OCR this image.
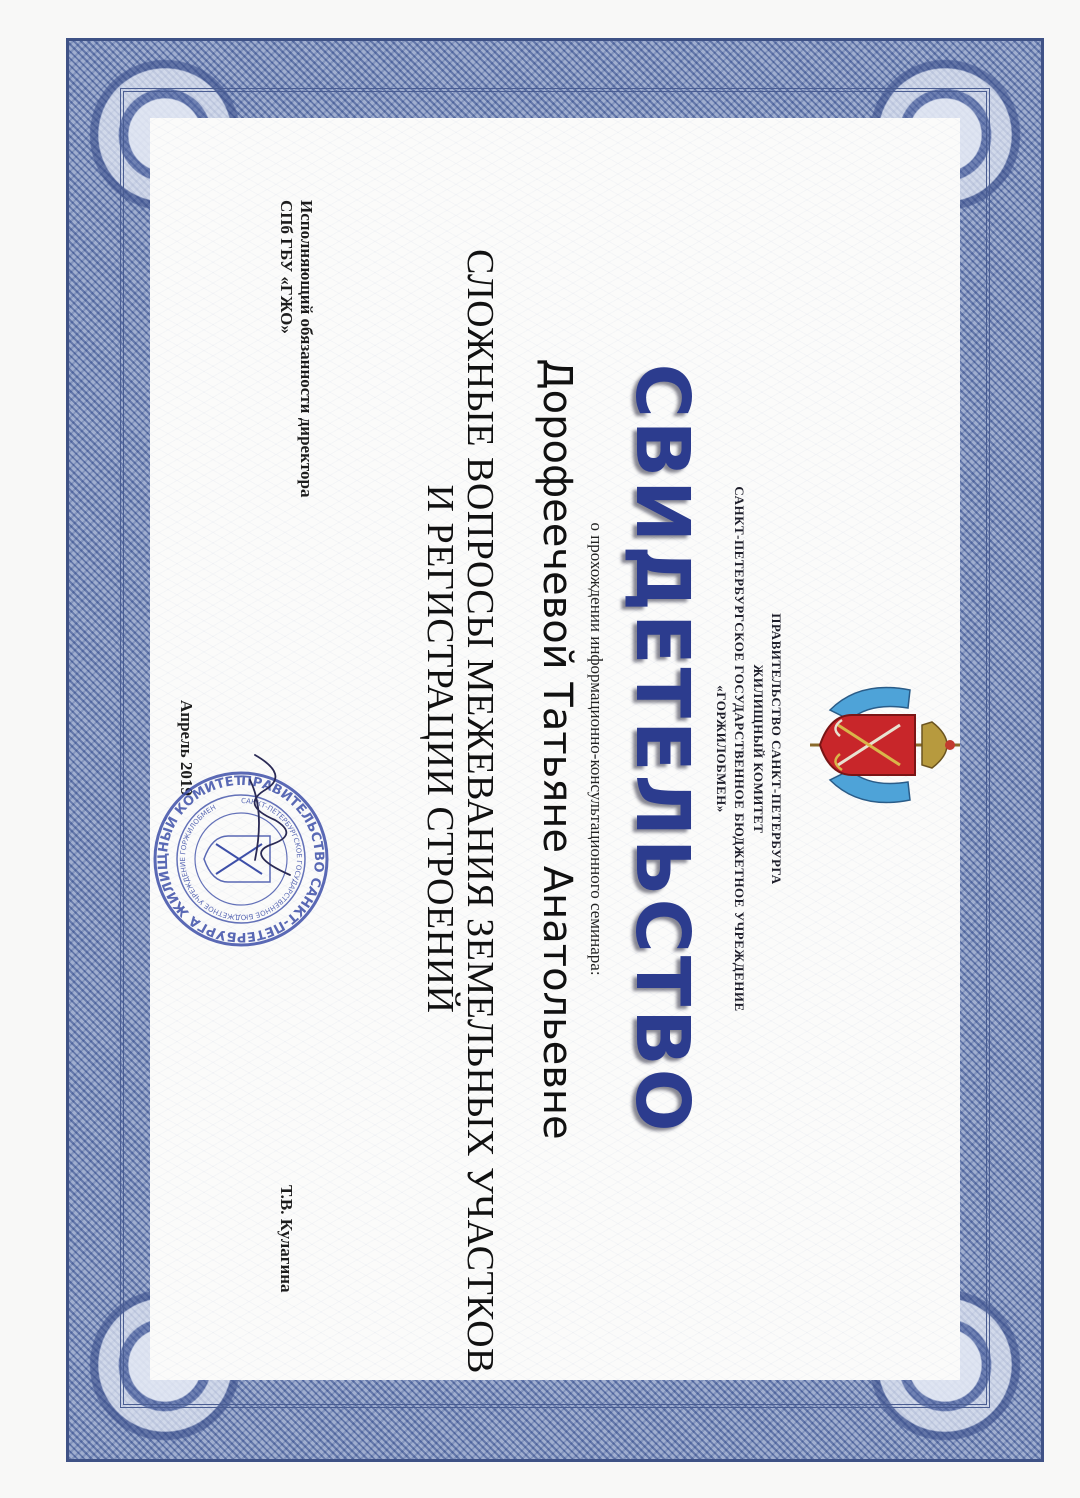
ПРАВИТЕЛЬСТВО САНКТ-ПЕТЕРБУРГА
ЖИЛИЩНЫЙ КОМИТЕТ
САНКТ-ПЕТЕРБУРГСКОЕ ГОСУДАРСТВЕННОЕ БЮДЖЕТНОЕ УЧРЕЖДЕНИЕ
«ГОРЖИЛОБМЕН»
СВИДЕТЕЛЬСТВО
о прохождении информационно-консультационного семинара:
Дорофеечевой Татьяне Анатольевне
СЛОЖНЫЕ ВОПРОСЫ МЕЖЕВАНИЯ ЗЕМЕЛЬНЫХ УЧАСТКОВ
И РЕГИСТРАЦИИ СТРОЕНИЙ
Исполняющий обязанности директора
СПб ГБУ «ГЖО»
Т.В. Кулагина
Апрель 2019	ПРАВИТЕЛЬСТВО САНКТ-ПЕТЕРБУРГА ЖИЛИЩНЫЙ КОМИТЕТ
САНКТ-ПЕТЕРБУРГСКОЕ ГОСУДАРСТВЕННОЕ БЮДЖЕТНОЕ УЧРЕЖДЕНИЕ ГОРЖИЛОБМЕН
